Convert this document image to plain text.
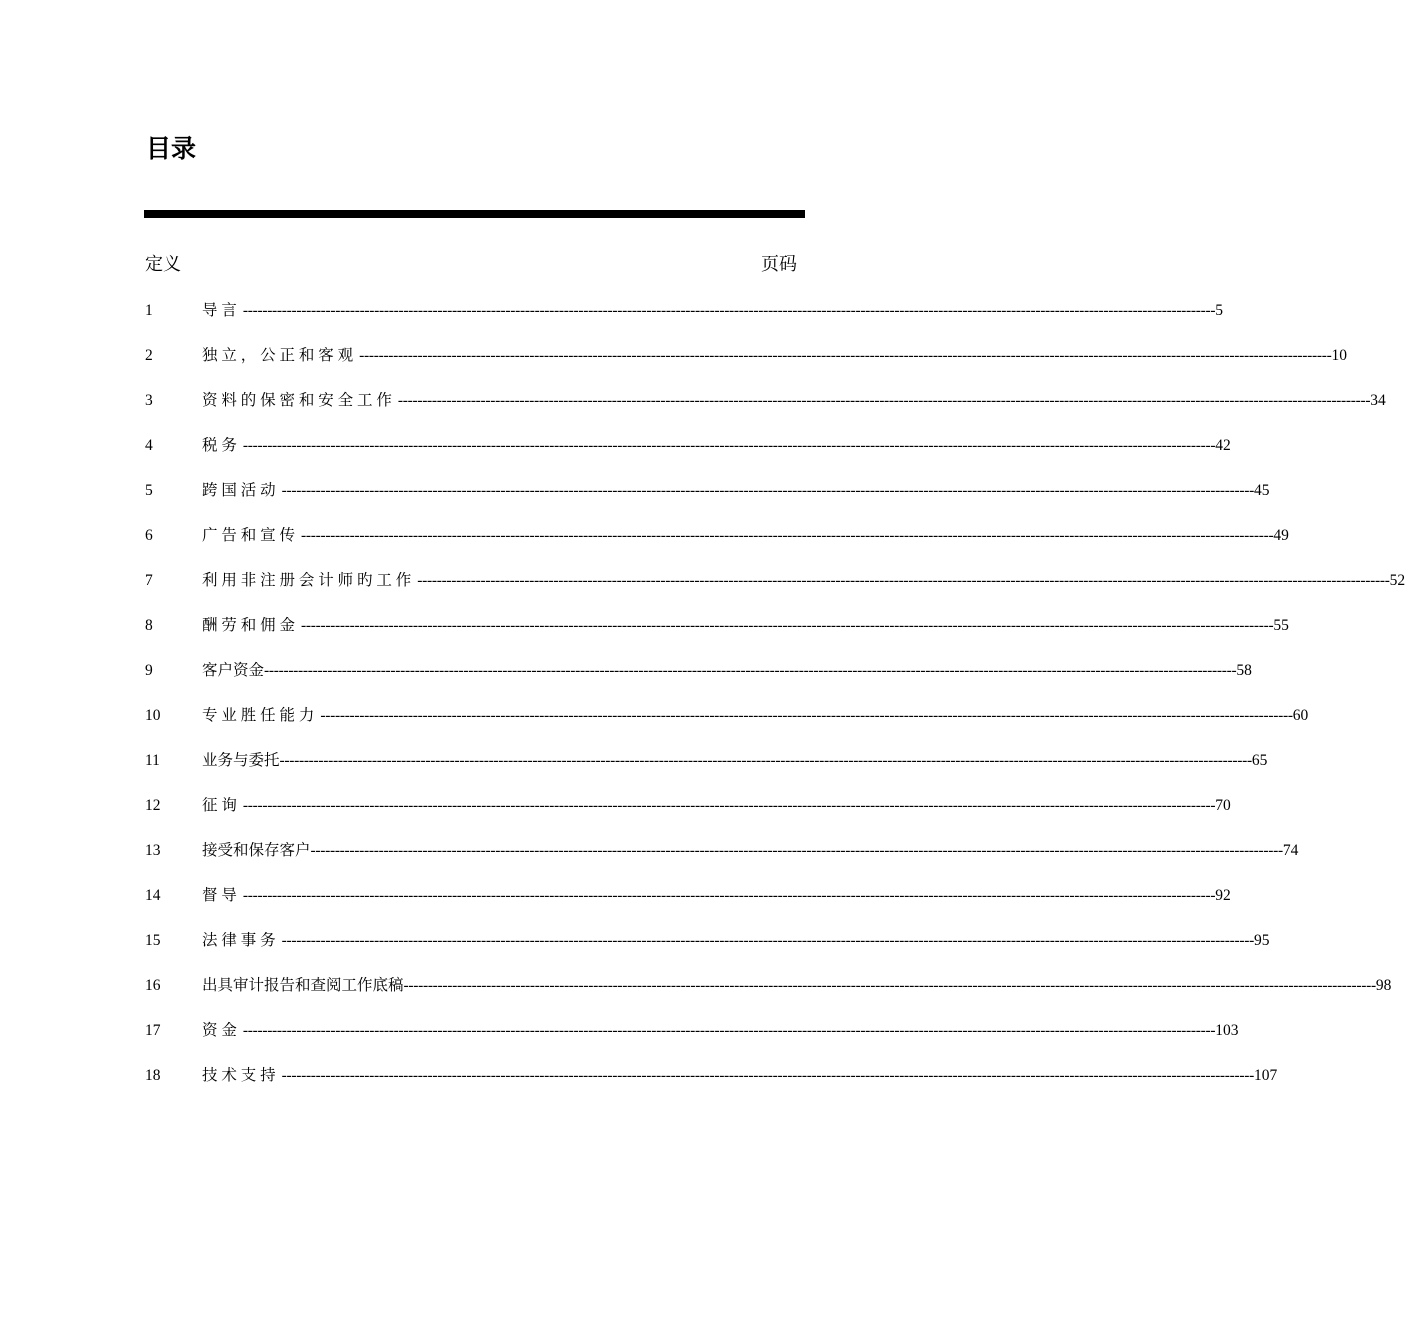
目录
定义	页码
1	导 言 -------------------------------------------------------------------------------------------------------------------------------------------------------------------------------------------------------- 5
2	独 立 ， 公 正 和 客 观 -------------------------------------------------------------------------------------------------------------------------------------------------------------------------------------------------------- 10
3	资 料 的 保 密 和 安 全 工 作 -------------------------------------------------------------------------------------------------------------------------------------------------------------------------------------------------------- 34
4	税 务 -------------------------------------------------------------------------------------------------------------------------------------------------------------------------------------------------------- 42
5	跨 国 活 动 -------------------------------------------------------------------------------------------------------------------------------------------------------------------------------------------------------- 45
6	广 告 和 宣 传 -------------------------------------------------------------------------------------------------------------------------------------------------------------------------------------------------------- 49
7	利 用 非 注 册 会 计 师 旳 工 作 -------------------------------------------------------------------------------------------------------------------------------------------------------------------------------------------------------- 52
8	酬 劳 和 佣 金 -------------------------------------------------------------------------------------------------------------------------------------------------------------------------------------------------------- 55
9	客户资金 -------------------------------------------------------------------------------------------------------------------------------------------------------------------------------------------------------- 58
10	专 业 胜 任 能 力 -------------------------------------------------------------------------------------------------------------------------------------------------------------------------------------------------------- 60
11	业务与委托 -------------------------------------------------------------------------------------------------------------------------------------------------------------------------------------------------------- 65
12	征 询 -------------------------------------------------------------------------------------------------------------------------------------------------------------------------------------------------------- 70
13	接受和保存客户 -------------------------------------------------------------------------------------------------------------------------------------------------------------------------------------------------------- 74
14	督 导 -------------------------------------------------------------------------------------------------------------------------------------------------------------------------------------------------------- 92
15	法 律 事 务 -------------------------------------------------------------------------------------------------------------------------------------------------------------------------------------------------------- 95
16	出具审计报告和查阅工作底稿 -------------------------------------------------------------------------------------------------------------------------------------------------------------------------------------------------------- 98
17	资 金 -------------------------------------------------------------------------------------------------------------------------------------------------------------------------------------------------------- 103
18	技 术 支 持 -------------------------------------------------------------------------------------------------------------------------------------------------------------------------------------------------------- 107
